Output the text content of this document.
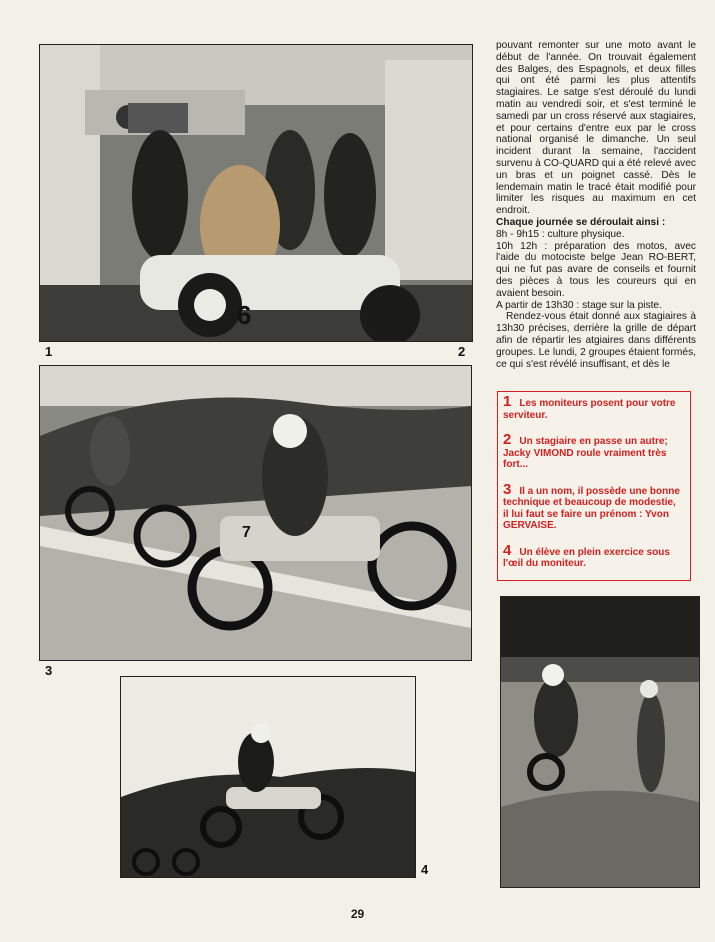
6
1	2
7
3
4

pouvant remonter sur une moto avant le début de l'année. On trouvait également des Balges, des Espagnols, et deux filles qui ont été parmi les plus attentifs stagiaires. Le satge s'est déroulé du lundi matin au vendredi soir, et s'est terminé le samedi par un cross réservé aux stagiaires, et pour certains d'entre eux par le cross national organisé le dimanche. Un seul incident durant la semaine, l'accident survenu à CO-QUARD qui a été relevé avec un bras et un poignet cassé. Dès le lendemain matin le tracé était modifié pour limiter les risques au maximum en cet endroit.

Chaque journée se déroulait ainsi :

8h - 9h15 : culture physique.

10h 12h : préparation des motos, avec l'aide du motociste belge Jean RO-BERT, qui ne fut pas avare de conseils et fournit des pièces à tous les coureurs qui en avaient besoin.

A partir de 13h30 : stage sur la piste.

Rendez-vous était donné aux stagiaires à 13h30 précises, derrière la grille de départ afin de répartir les atgiaires dans différents groupes. Le lundi, 2 groupes étaient formés, ce qui s'est révélé insuffisant, et dès le

1 Les moniteurs posent pour votre serviteur.

2 Un stagiaire en passe un autre; Jacky VIMOND roule vraiment très fort...

3 Il a un nom, il possède une bonne technique et beaucoup de modestie, il lui faut se faire un prénom : Yvon GERVAISE.

4 Un élève en plein exercice sous l'œil du moniteur.

29
